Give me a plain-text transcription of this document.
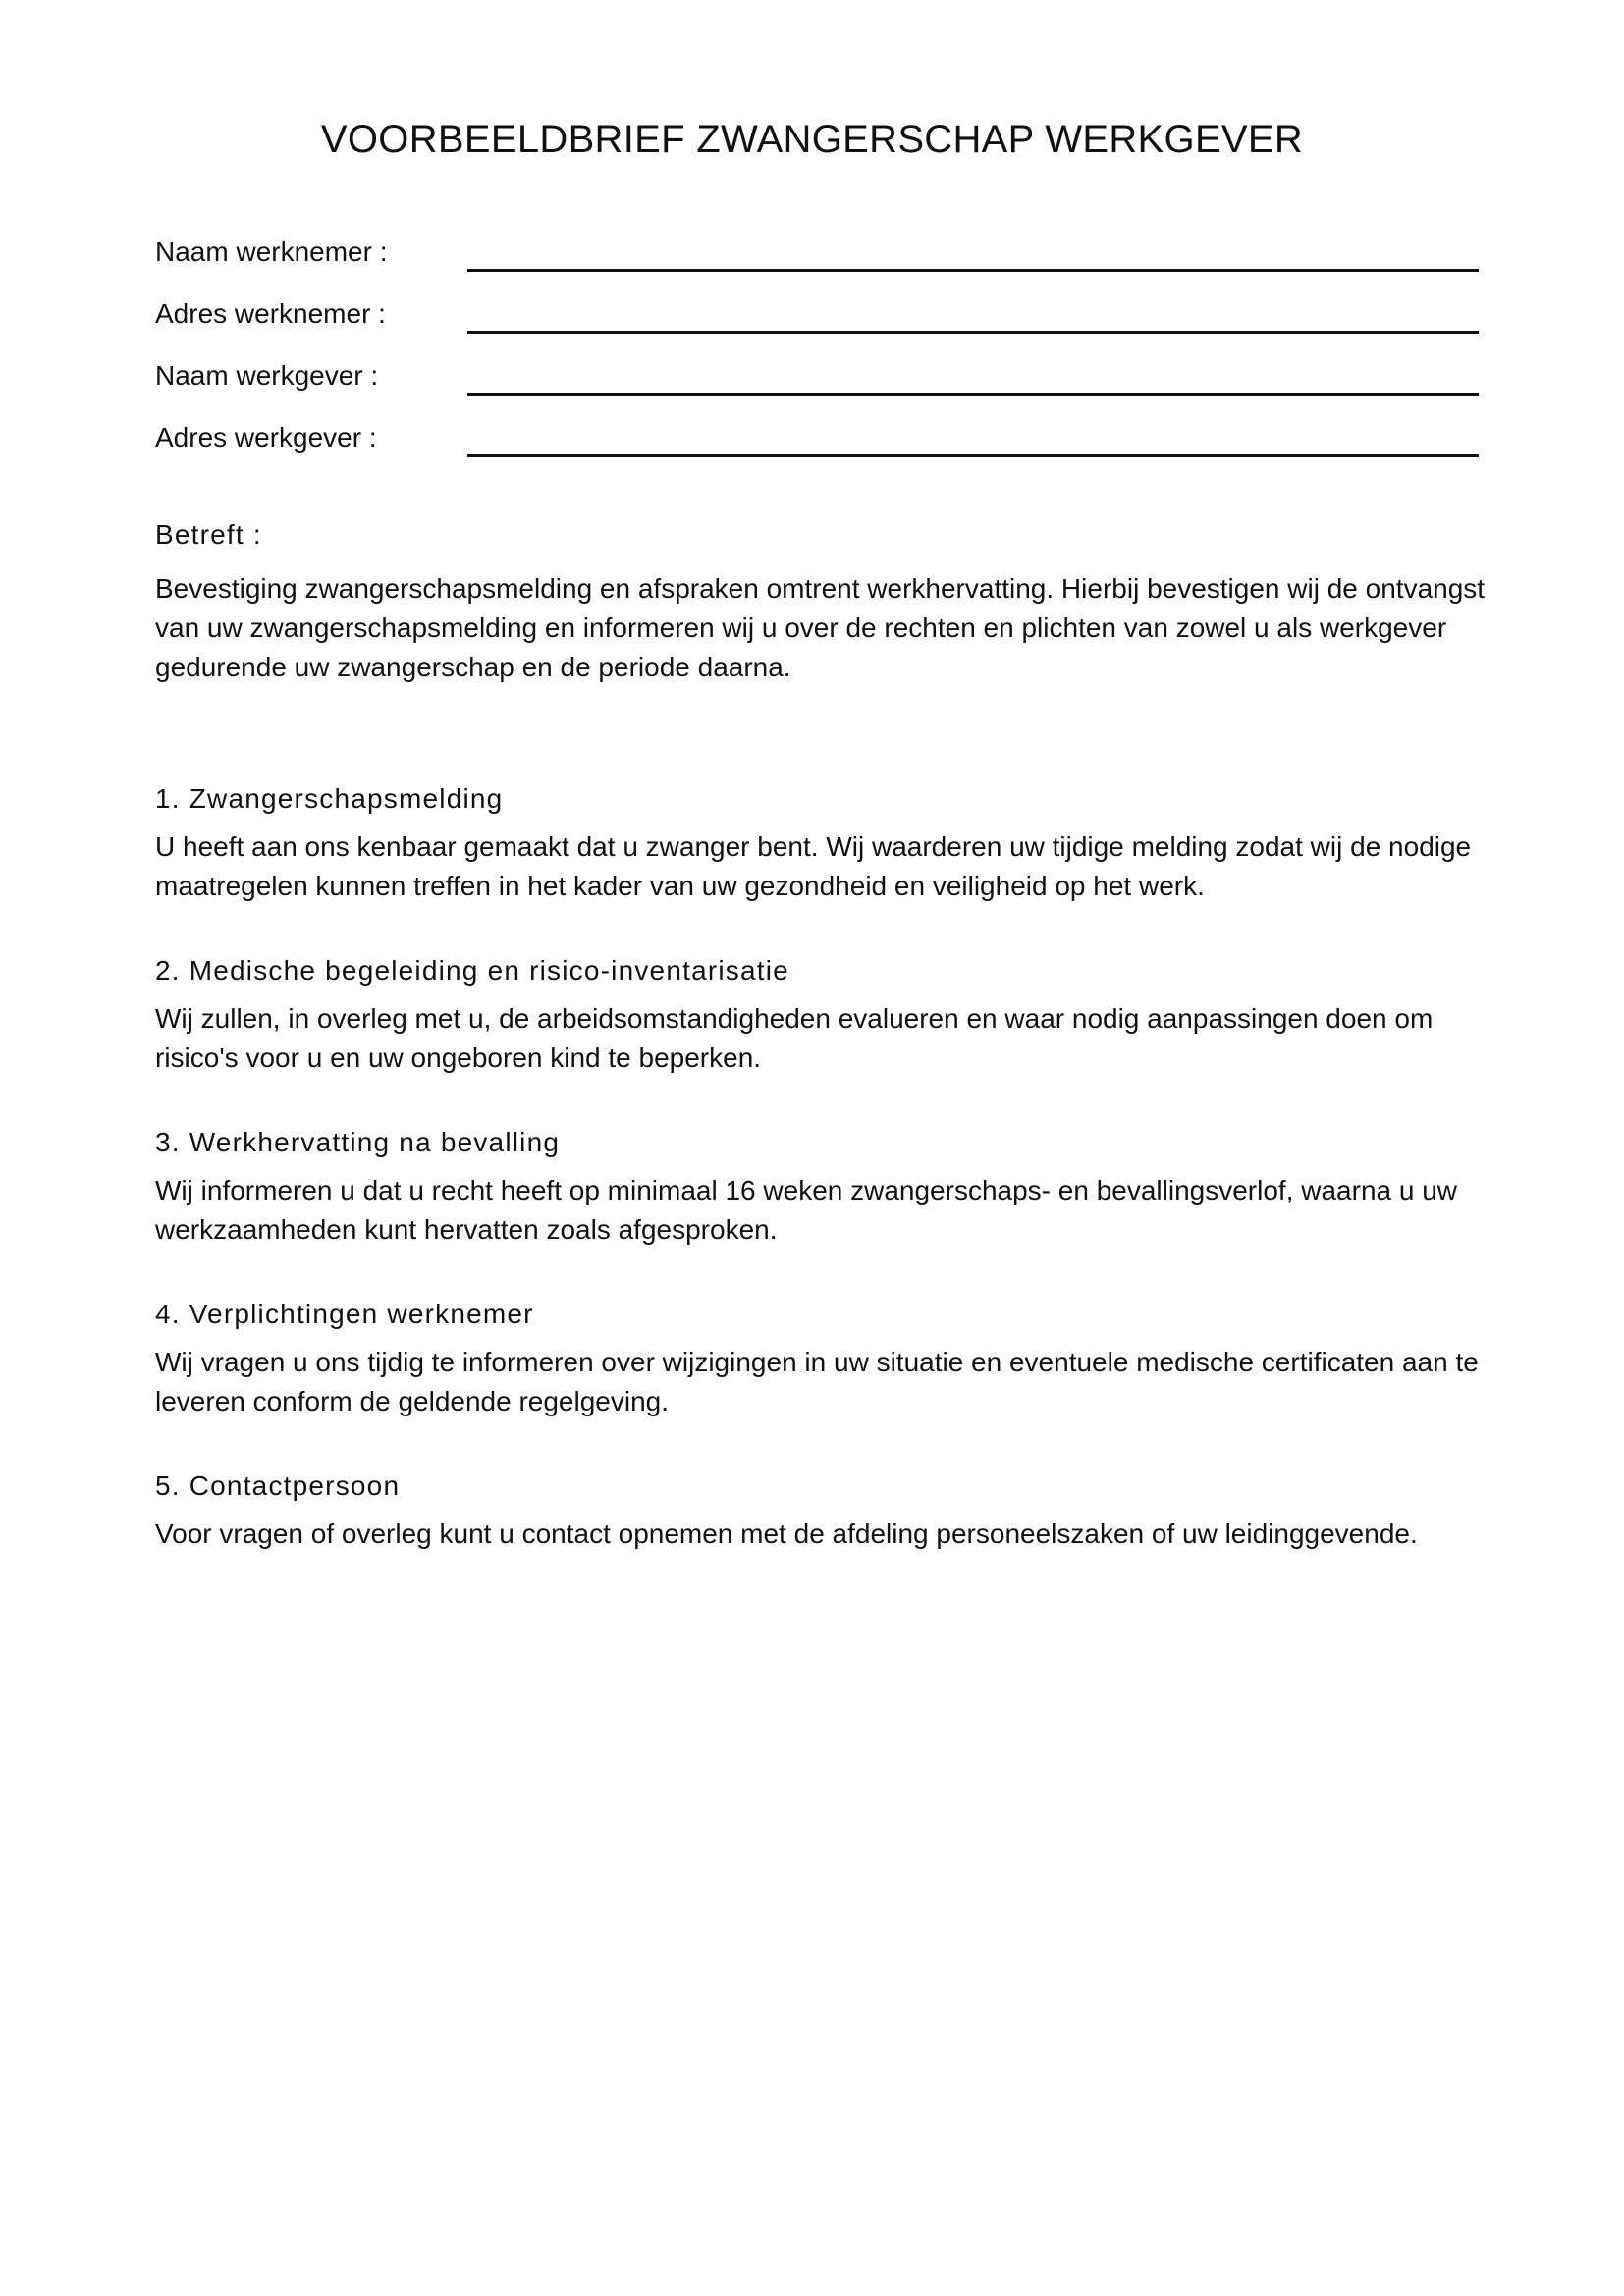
VOORBEELDBRIEF ZWANGERSCHAP WERKGEVER
Naam werknemer :
Adres werknemer :
Naam werkgever :
Adres werkgever :
Betreft :

Bevestiging zwangerschapsmelding en afspraken omtrent werkhervatting. Hierbij bevestigen wij de ontvangst van uw zwangerschapsmelding en informeren wij u over de rechten en plichten van zowel u als werkgever gedurende uw zwangerschap en de periode daarna.

1. Zwangerschapsmelding

U heeft aan ons kenbaar gemaakt dat u zwanger bent. Wij waarderen uw tijdige melding zodat wij de nodige maatregelen kunnen treffen in het kader van uw gezondheid en veiligheid op het werk.

2. Medische begeleiding en risico-inventarisatie

Wij zullen, in overleg met u, de arbeidsomstandigheden evalueren en waar nodig aanpassingen doen om risico's voor u en uw ongeboren kind te beperken.

3. Werkhervatting na bevalling

Wij informeren u dat u recht heeft op minimaal 16 weken zwangerschaps- en bevallingsverlof, waarna u uw werkzaamheden kunt hervatten zoals afgesproken.

4. Verplichtingen werknemer

Wij vragen u ons tijdig te informeren over wijzigingen in uw situatie en eventuele medische certificaten aan te leveren conform de geldende regelgeving.

5. Contactpersoon

Voor vragen of overleg kunt u contact opnemen met de afdeling personeelszaken of uw leidinggevende.
